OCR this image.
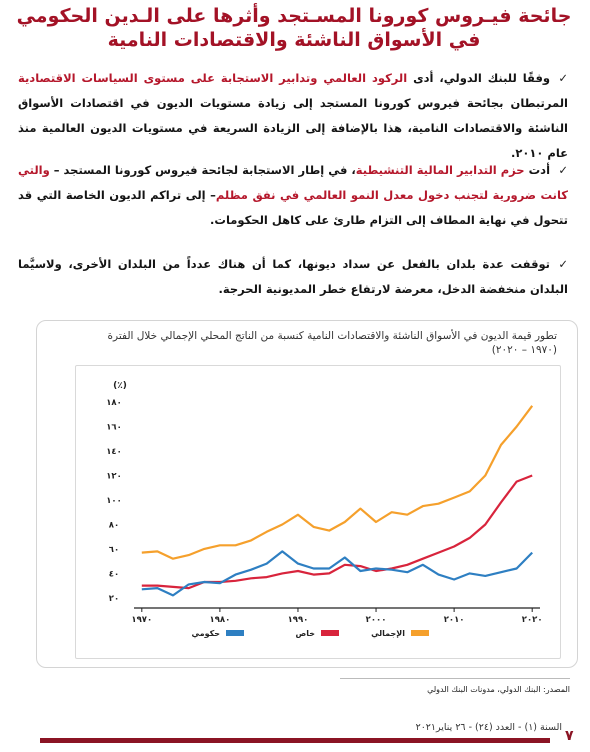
جائحة فيـروس كورونا المسـتجد وأثرها على الـدين الحكومي في الأسواق الناشئة والاقتصادات النامية
✓وفقًا للبنك الدولي، أدى الركود العالمي وتدابير الاستجابة على مستوى السياسات الاقتصادية المرتبطان بجائحة فيروس كورونا المستجد إلى زيادة مستويات الديون في اقتصادات الأسواق الناشئة والاقتصادات النامية، هذا بالإضافة إلى الزيادة السريعة في مستويات الديون العالمية منذ عام ٢٠١٠.
✓أدت حزم التدابير المالية التنشيطية، في إطار الاستجابة لجائحة فيروس كورونا المستجد – والتي كانت ضرورية لتجنب دخول معدل النمو العالمي في نفق مظلم– إلى تراكم الديون الخاصة التي قد تتحول في نهاية المطاف إلى التزام طارئ على كاهل الحكومات.
✓توقفت عدة بلدان بالفعل عن سداد ديونها، كما أن هناك عدداً من البلدان الأخرى، ولاسيَّما البلدان منخفضة الدخل، معرضة لارتفاع خطر المديونية الحرجة.
تطور قيمة الديون في الأسواق الناشئة والاقتصادات النامية كنسبة من الناتج المحلي الإجمالي خلال الفترة (١٩٧٠ – ٢٠٢٠)
(٪)
٢٠
٤٠
٦٠
٨٠
١٠٠
١٢٠
١٤٠
١٦٠
١٨٠
١٩٧٠	١٩٨٠	١٩٩٠	٢٠٠٠	٢٠١٠	٢٠٢٠
حكومي	خاص	الإجمالي
المصدر: البنك الدولي، مدونات البنك الدولي
السنة (١) - العدد (٢٤) - ٢٦ يناير٢٠٢١
٧
